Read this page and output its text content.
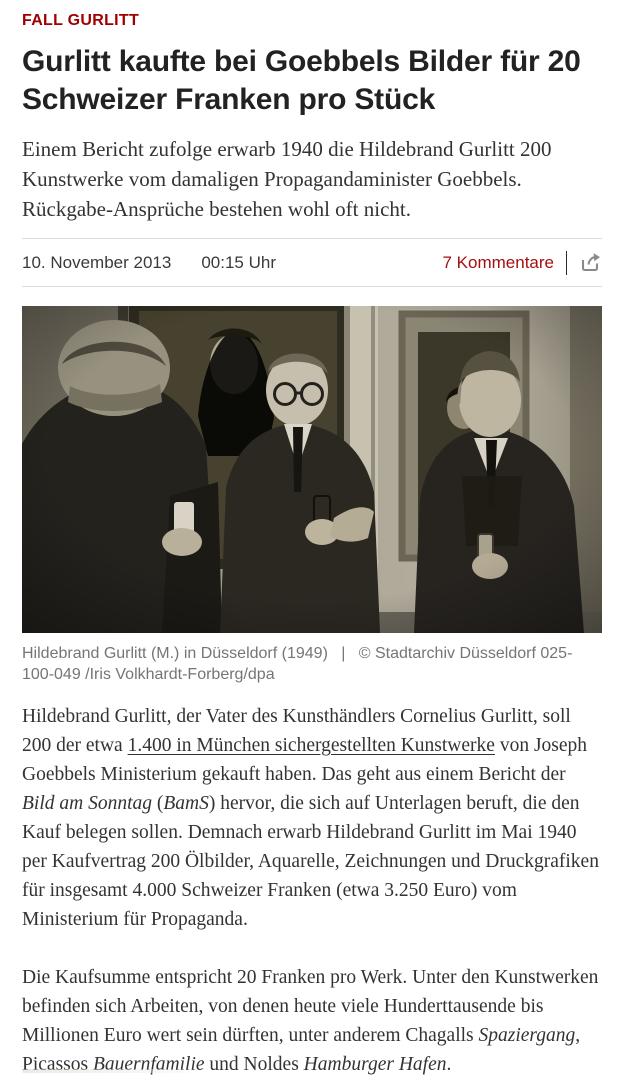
FALL GURLITT
Gurlitt kaufte bei Goebbels Bilder für 20 Schweizer Franken pro Stück

Einem Bericht zufolge erwarb 1940 die Hildebrand Gurlitt 200 Kunstwerke vom damaligen Propagandaminister Goebbels. Rückgabe-Ansprüche bestehen wohl oft nicht.

10. November 2013 00:15 Uhr	7 Kommentare
Hildebrand Gurlitt (M.) in Düsseldorf (1949) | © Stadtarchiv Düsseldorf 025-100-049 /Iris Volkhardt-Forberg/dpa

Hildebrand Gurlitt, der Vater des Kunsthändlers Cornelius Gurlitt, soll 200 der etwa 1.400 in München sichergestellten Kunstwerke von Joseph Goebbels Ministerium gekauft haben. Das geht aus einem Bericht der Bild am Sonntag (BamS) hervor, die sich auf Unterlagen beruft, die den Kauf belegen sollen. Demnach erwarb Hildebrand Gurlitt im Mai 1940 per Kaufvertrag 200 Ölbilder, Aquarelle, Zeichnungen und Druckgrafiken für insgesamt 4.000 Schweizer Franken (etwa 3.250 Euro) vom Ministerium für Propaganda.

Die Kaufsumme entspricht 20 Franken pro Werk. Unter den Kunstwerken befinden sich Arbeiten, von denen heute viele Hunderttausende bis Millionen Euro wert sein dürften, unter anderem Chagalls Spaziergang, Picassos Bauernfamilie und Noldes Hamburger Hafen.
